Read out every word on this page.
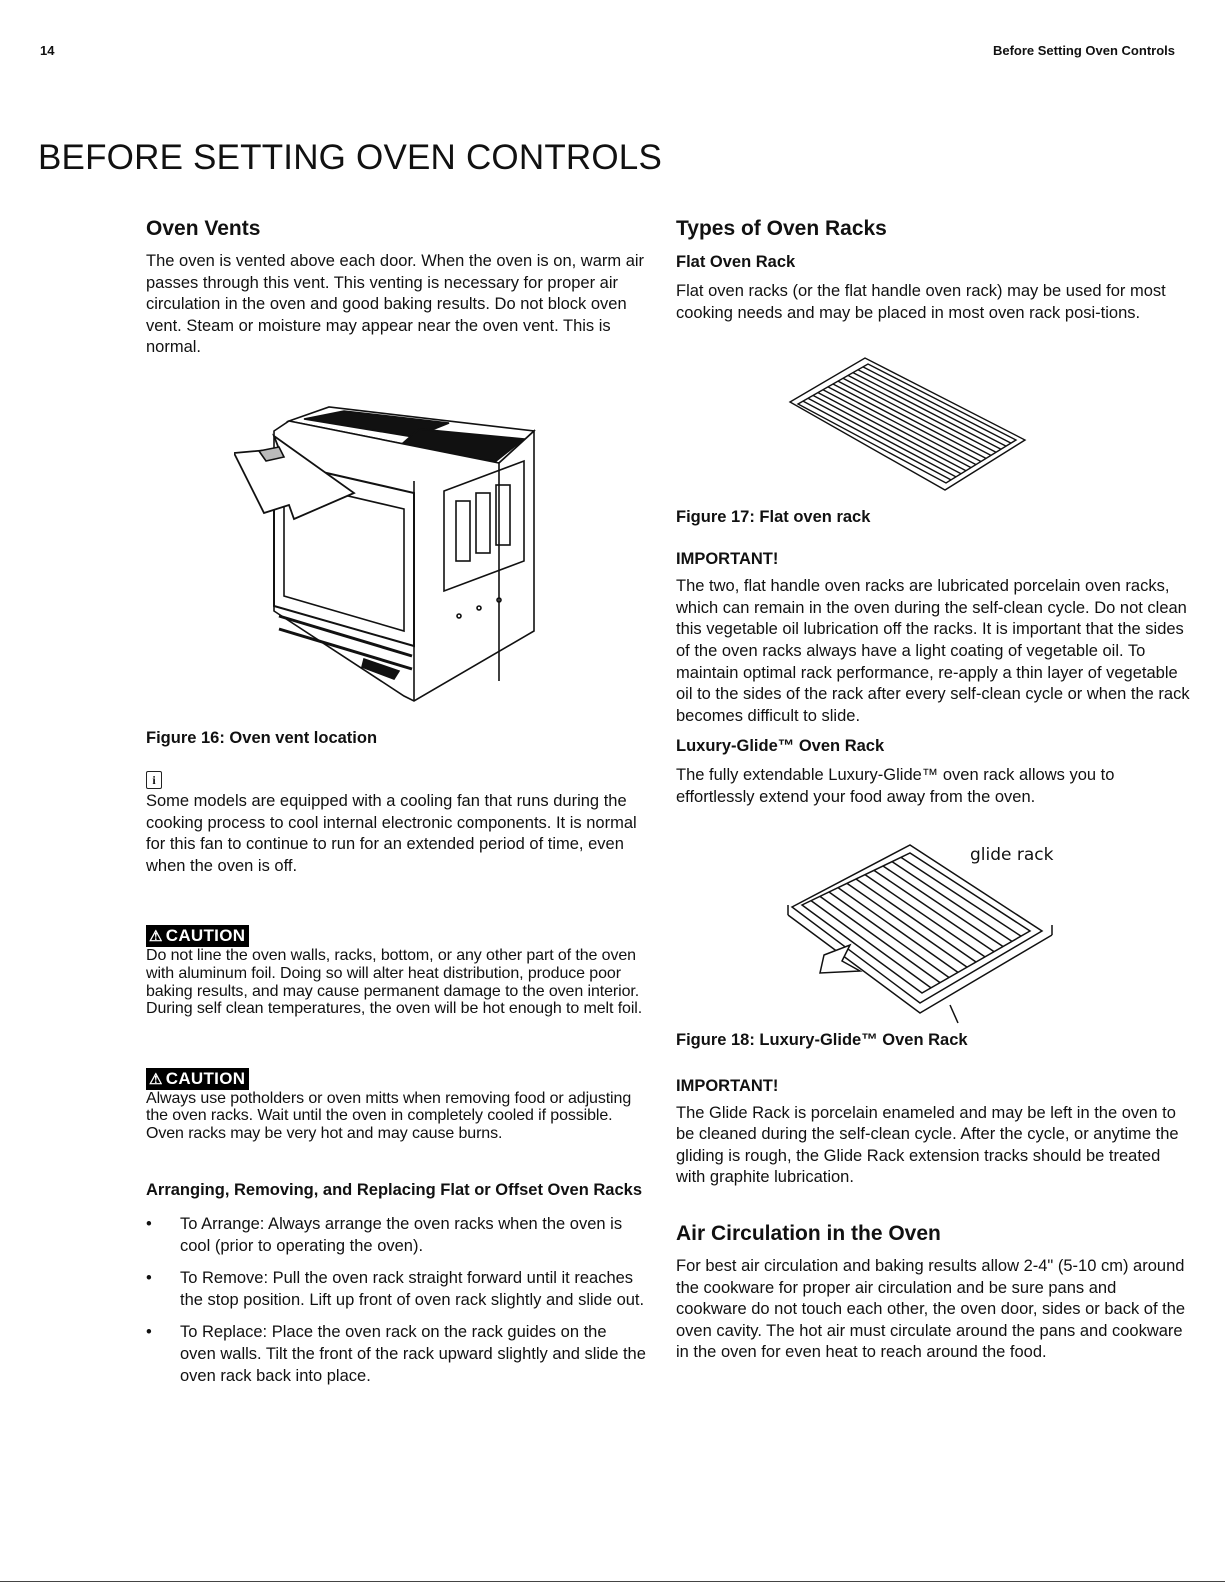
14	Before Setting Oven Controls
BEFORE SETTING OVEN CONTROLS
Oven Vents

The oven is vented above each door. When the oven is on, warm air passes through this vent. This venting is necessary for proper air circulation in the oven and good baking results. Do not block oven vent. Steam or moisture may appear near the oven vent. This is normal.

Figure 16: Oven vent location
i

Some models are equipped with a cooling fan that runs during the cooking process to cool internal electronic components. It is normal for this fan to continue to run for an extended period of time, even when the oven is off.

⚠ CAUTION

Do not line the oven walls, racks, bottom, or any other part of the oven with aluminum foil. Doing so will alter heat distribution, produce poor baking results, and may cause permanent damage to the oven interior. During self clean temperatures, the oven will be hot enough to melt foil.

⚠ CAUTION

Always use potholders or oven mitts when removing food or adjusting the oven racks. Wait until the oven in completely cooled if possible. Oven racks may be very hot and may cause burns.

Arranging, Removing, and Replacing Flat or Offset Oven Racks
• To Arrange: Always arrange the oven racks when the oven is cool (prior to operating the oven).
• To Remove: Pull the oven rack straight forward until it reaches the stop position. Lift up front of oven rack slightly and slide out.
• To Replace: Place the oven rack on the rack guides on the oven walls. Tilt the front of the rack upward slightly and slide the oven rack back into place.
Types of Oven Racks
Flat Oven Rack

Flat oven racks (or the flat handle oven rack) may be used for most cooking needs and may be placed in most oven rack posi-tions.

Figure 17: Flat oven rack
IMPORTANT!

The two, flat handle oven racks are lubricated porcelain oven racks, which can remain in the oven during the self-clean cycle. Do not clean this vegetable oil lubrication off the racks. It is important that the sides of the oven racks always have a light coating of vegetable oil. To maintain optimal rack performance, re-apply a thin layer of vegetable oil to the sides of the rack after every self-clean cycle or when the rack becomes difficult to slide.

Luxury-Glide™ Oven Rack

The fully extendable Luxury-Glide™ oven rack allows you to effortlessly extend your food away from the oven.

glide rack
Figure 18: Luxury-Glide™ Oven Rack
IMPORTANT!

The Glide Rack is porcelain enameled and may be left in the oven to be cleaned during the self-clean cycle. After the cycle, or anytime the gliding is rough, the Glide Rack extension tracks should be treated with graphite lubrication.

Air Circulation in the Oven

For best air circulation and baking results allow 2-4" (5-10 cm) around the cookware for proper air circulation and be sure pans and cookware do not touch each other, the oven door, sides or back of the oven cavity. The hot air must circulate around the pans and cookware in the oven for even heat to reach around the food.
